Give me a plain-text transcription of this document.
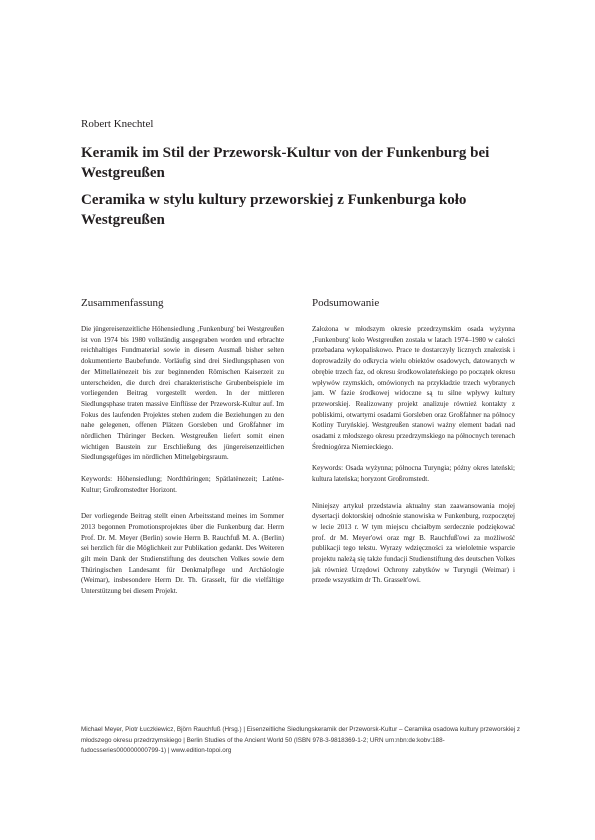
Robert Knechtel

Keramik im Stil der Przeworsk-Kultur von der Funkenburg bei Westgreußen
Ceramika w stylu kultury przeworskiej z Funkenburga koło Westgreußen
Zusammenfassung

Die jüngereisenzeitliche Höhensiedlung ‚Funkenburg' bei Westgreußen ist von 1974 bis 1980 vollständig ausgegraben worden und erbrachte reichhaltiges Fundmaterial sowie in diesem Ausmaß bisher selten dokumentierte Baubefunde. Vorläufig sind drei Siedlungsphasen von der Mittellatènezeit bis zur beginnenden Römischen Kaiserzeit zu unterscheiden, die durch drei charakteristische Grubenbeispiele im vorliegenden Beitrag vorgestellt werden. In der mittleren Siedlungsphase traten massive Einflüsse der Przeworsk-Kultur auf. Im Fokus des laufenden Projektes stehen zudem die Beziehungen zu den nahe gelegenen, offenen Plätzen Gorsleben und Großfahner im nördlichen Thüringer Becken. Westgreußen liefert somit einen wichtigen Baustein zur Erschließung des jüngereisenzeitlichen Siedlungsgefüges im nördlichen Mittelgebirgsraum.

Keywords: Höhensiedlung; Nordthüringen; Spätlatènezeit; Latène-Kultur; Großromstedter Horizont.

Der vorliegende Beitrag stellt einen Arbeitsstand meines im Sommer 2013 begonnen Promotionsprojektes über die Funkenburg dar. Herrn Prof. Dr. M. Meyer (Berlin) sowie Herrn B. Rauchfuß M. A. (Berlin) sei herzlich für die Möglichkeit zur Publikation gedankt. Des Weiteren gilt mein Dank der Studienstiftung des deutschen Volkes sowie dem Thüringischen Landesamt für Denkmalpflege und Archäologie (Weimar), insbesondere Herrn Dr. Th. Grasselt, für die vielfältige Unterstützung bei diesem Projekt.

Podsumowanie

Założona w młodszym okresie przedrzymskim osada wyżynna ‚Funkenburg' koło Westgreußen została w latach 1974–1980 w całości przebadana wykopaliskowo. Prace te dostarczyły licznych znalezisk i doprowadziły do odkrycia wielu obiektów osadowych, datowanych w obrębie trzech faz, od okresu środkowolateńskiego po początek okresu wpływów rzymskich, omówionych na przykładzie trzech wybranych jam. W fazie środkowej widoczne są tu silne wpływy kultury przeworskiej. Realizowany projekt analizuje również kontakty z pobliskimi, otwartymi osadami Gorsleben oraz Großfahner na północy Kotliny Turyńskiej. Westgreußen stanowi ważny element badań nad osadami z młodszego okresu przedrzymskiego na północnych terenach Średniogórza Niemieckiego.

Keywords: Osada wyżynna; północna Turyngia; późny okres lateński; kultura lateńska; horyzont Großromstedt.

Niniejszy artykuł przedstawia aktualny stan zaawansowania mojej dysertacji doktorskiej odnośnie stanowiska w Funkenburg, rozpoczętej w lecie 2013 r. W tym miejscu chciałbym serdecznie podziękować prof. dr M. Meyer'owi oraz mgr B. Rauchfuß'owi za możliwość publikacji tego tekstu. Wyrazy wdzięczności za wieloletnie wsparcie projektu należą się także fundacji Studienstiftung des deutschen Volkes jak również Urzędowi Ochrony zabytków w Turyngii (Weimar) i przede wszystkim dr Th. Grasselt'owi.

Michael Meyer, Piotr Łuczkiewicz, Björn Rauchfuß (Hrsg.) | Eisenzeitliche Siedlungskeramik der Przeworsk-Kultur – Ceramika osadowa kultury przeworskiej z młodszego okresu przedrzymskiego | Berlin Studies of the Ancient World 50 (ISBN 978-3-9818369-1-2; URN urn:nbn:de:kobv:188-fudocsseries000000000799-1) | www.edition-topoi.org
